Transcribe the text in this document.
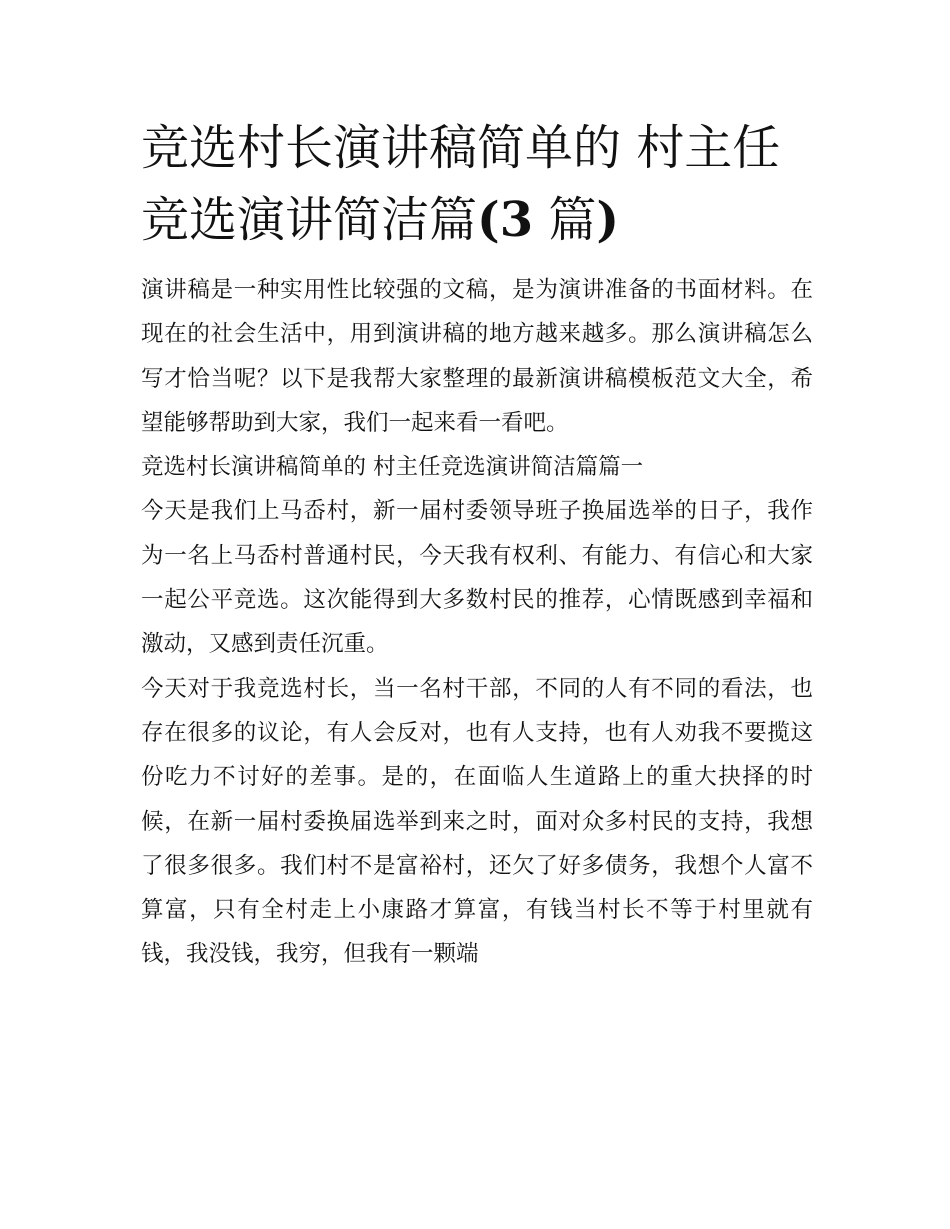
竞选村长演讲稿简单的 村主任
竞选演讲简洁篇(3 篇)

演讲稿是一种实用性比较强的文稿，是为演讲准备的书面材料。在现在的社会生活中，用到演讲稿的地方越来越多。那么演讲稿怎么写才恰当呢？以下是我帮大家整理的最新演讲稿模板范文大全，希望能够帮助到大家，我们一起来看一看吧。

竞选村长演讲稿简单的 村主任竞选演讲简洁篇篇一

今天是我们上马岙村，新一届村委领导班子换届选举的日子，我作为一名上马岙村普通村民，今天我有权利、有能力、有信心和大家一起公平竞选。这次能得到大多数村民的推荐，心情既感到幸福和激动，又感到责任沉重。

今天对于我竞选村长，当一名村干部，不同的人有不同的看法，也存在很多的议论，有人会反对，也有人支持，也有人劝我不要揽这份吃力不讨好的差事。是的，在面临人生道路上的重大抉择的时候，在新一届村委换届选举到来之时，面对众多村民的支持，我想了很多很多。我们村不是富裕村，还欠了好多债务，我想个人富不算富，只有全村走上小康路才算富，有钱当村长不等于村里就有钱，我没钱，我穷，但我有一颗端
